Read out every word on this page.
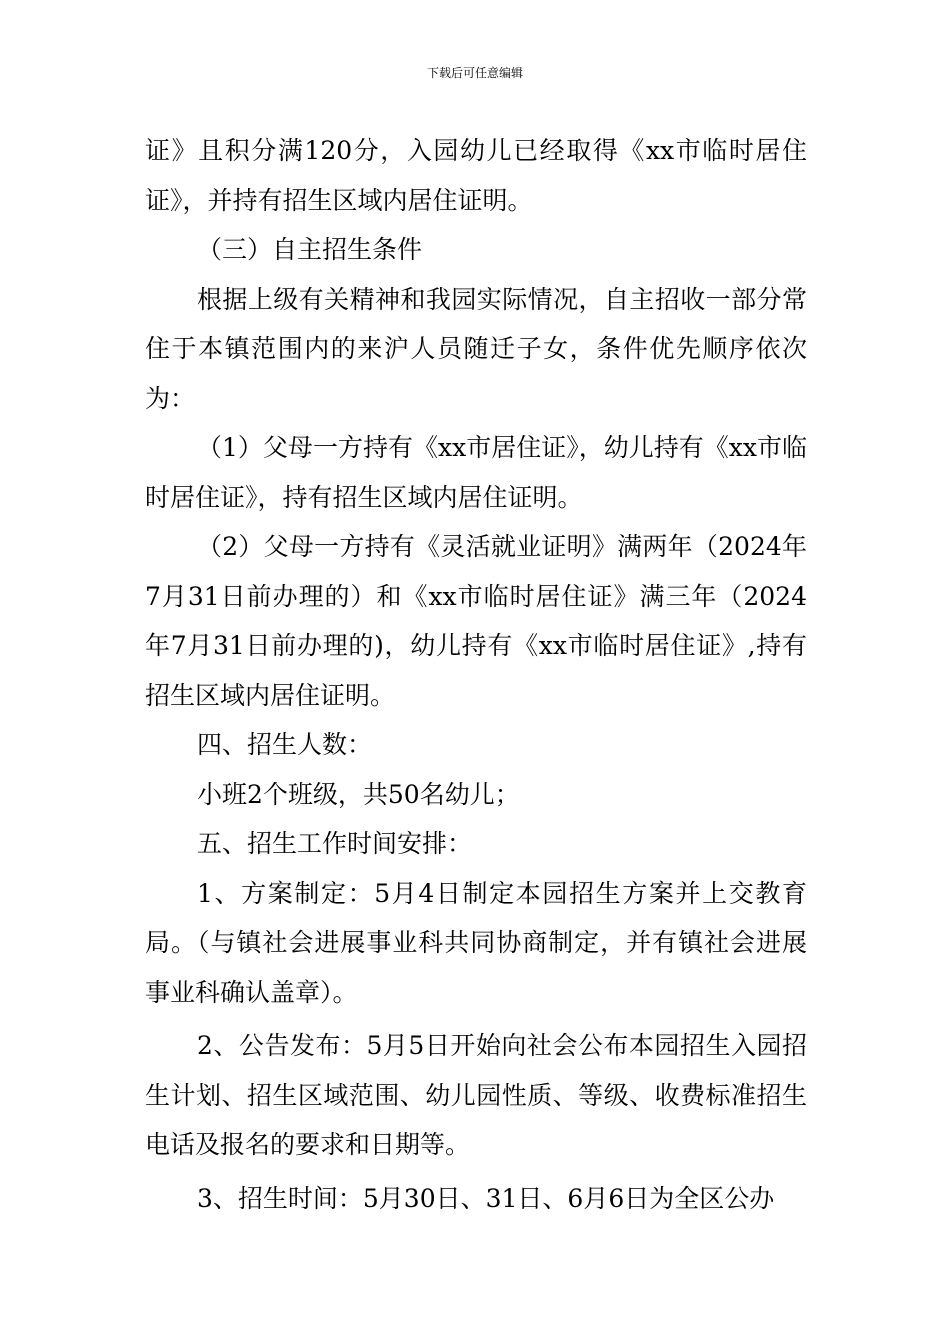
下载后可任意编辑

证》且积分满120分，入园幼儿已经取得《xx市临时居住证》，并持有招生区域内居住证明。

（三）自主招生条件

根据上级有关精神和我园实际情况，自主招收一部分常住于本镇范围内的来沪人员随迁子女，条件优先顺序依次为：

（1）父母一方持有《xx市居住证》，幼儿持有《xx市临时居住证》，持有招生区域内居住证明。

（2）父母一方持有《灵活就业证明》满两年（2024年7月31日前办理的）和《xx市临时居住证》满三年（2024年7月31日前办理的)，幼儿持有《xx市临时居住证》,持有招生区域内居住证明。

四、招生人数：

小班2个班级，共50名幼儿；

五、招生工作时间安排：

1、方案制定：5月4日制定本园招生方案并上交教育局。（与镇社会进展事业科共同协商制定，并有镇社会进展事业科确认盖章）。

2、公告发布：5月5日开始向社会公布本园招生入园招生计划、招生区域范围、幼儿园性质、等级、收费标准招生电话及报名的要求和日期等。

3、招生时间：5月30日、31日、6月6日为全区公办
